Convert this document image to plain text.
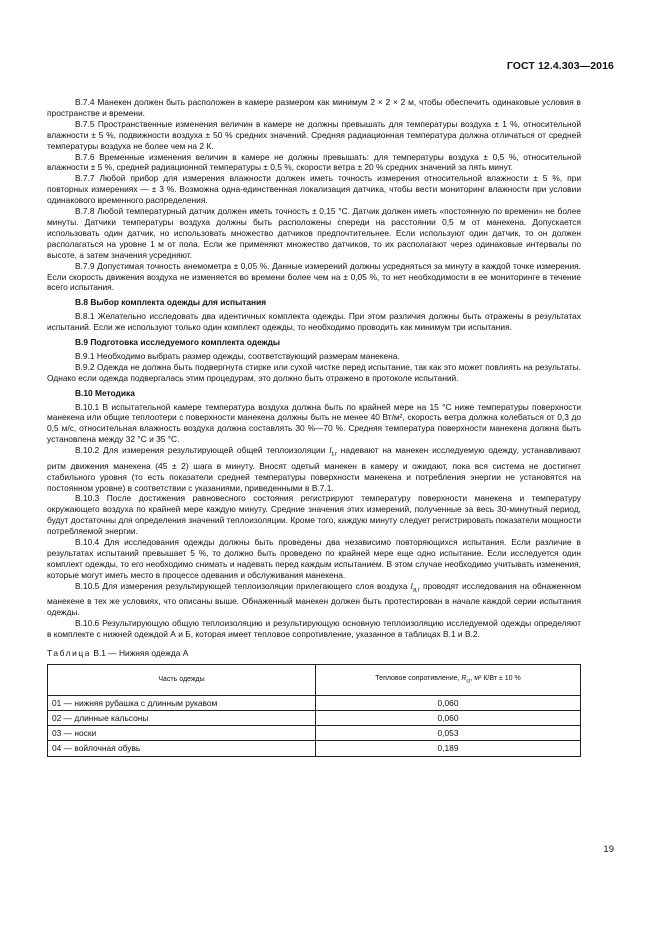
ГОСТ 12.4.303—2016

В.7.4 Манекен должен быть расположен в камере размером как минимум 2 × 2 × 2 м, чтобы обеспечить одинаковые условия в пространстве и времени.

В.7.5 Пространственные изменения величин в камере не должны превышать для температуры воздуха ± 1 %, относительной влажности ± 5 %, подвижности воздуха ± 50 % средних значений. Средняя радиационная температура должна отличаться от средней температуры воздуха не более чем на 2 К.

В.7.6 Временные изменения величин в камере не должны превышать: для температуры воздуха ± 0,5 %, относительной влажности ± 5 %, средней радиационной температуры ± 0,5 %, скорости ветра ± 20 % средних значений за пять минут.

В.7.7 Любой прибор для измерения влажности должен иметь точность измерения относительной влажности ± 5 %, при повторных измерениях — ± 3 %. Возможна одна-единственная локализация датчика, чтобы вести мониторинг влажности при условии одинакового временного распределения.

В.7.8 Любой температурный датчик должен иметь точность ± 0,15 °С. Датчик должен иметь «постоянную по времени» не более минуты. Датчики температуры воздуха должны быть расположены спереди на расстоянии 0,5 м от манекена. Допускается использовать один датчик, но использовать множество датчиков предпочтительнее. Если используют один датчик, то он должен располагаться на уровне 1 м от пола. Если же применяют множество датчиков, то их располагают через одинаковые интервалы по высоте, а затем значения усредняют.

В.7.9 Допустимая точность анемометра ± 0,05 %. Данные измерений должны усредняться за минуту в каждой точке измерения. Если скорость движения воздуха не изменяется во времени более чем на ± 0,05 %, то нет необходимости в ее мониторинге в течение всего испытания.

В.8 Выбор комплекта одежды для испытания

В.8.1 Желательно исследовать два идентичных комплекта одежды. При этом различия должны быть отражены в результатах испытаний. Если же используют только один комплект одежды, то необходимо проводить как минимум три испытания.

В.9 Подготовка исследуемого комплекта одежды

В.9.1 Необходимо выбрать размер одежды, соответствующий размерам манекена.

В.9.2 Одежда не должна быть подвергнута стирке или сухой чистке перед испытание, так как это может повлиять на результаты. Однако если одежда подвергалась этим процедурам, это должно быть отражено в протоколе испытаний.

В.10 Методика

В.10.1 В испытательной камере температура воздуха должна быть по крайней мере на 15 °С ниже температуры поверхности манекена или общие теплоотери с поверхности манекена должны быть не менее 40 Вт/м², скорость ветра должна колебаться от 0,3 до 0,5 м/с, относительная влажность воздуха должна составлять 30 %—70 %. Средняя температура поверхности манекена должна быть установлена между 32 °С и 35 °С.

В.10.2 Для измерения результирующей общей теплоизоляции $I_{t,r}$ надевают на манекен исследуемую одежду, устанавливают ритм движения манекена (45 ± 2) шага в минуту. Вносят одетый манекен в камеру и ожидают, пока вся система не достигнет стабильного уровня (то есть показатели средней температуры поверхности манекена и потребления энергии не установятся на постоянном уровне) в соответствии с указаниями, приведенными в В.7.1.

В.10.3 После достижения равновесного состояния регистрируют температуру поверхности манекена и температуру окружающего воздуха по крайней мере каждую минуту. Средние значения этих измерений, полученные за весь 30-минутный период, будут достаточны для определения значений теплоизоляции. Кроме того, каждую минуту следует регистрировать показатели мощности потребляемой энергии.

В.10.4 Для исследования одежды должны быть проведены два независимо повторяющихся испытания. Если различие в результатах испытаний превышает 5 %, то должно быть проведено по крайней мере еще одно испытание. Если исследуется один комплект одежды, то его необходимо снимать и надевать перед каждым испытанием. В этом случае необходимо учитывать изменения, которые могут иметь место в процессе одевания и обслуживания манекена.

В.10.5 Для измерения результирующей теплоизоляции прилегающего слоя воздуха $I_{a,r}$ проводят исследования на обнаженном манекене в тех же условиях, что описаны выше. Обнаженный манекен должен быть протестирован в начале каждой серии испытания одежды.

В.10.6 Результирующую общую теплоизоляцию и результирующую основную теплоизоляцию исследуемой одежды определяют в комплекте с нижней одеждой А и Б, которая имеет тепловое сопротивление, указанное в таблицах В.1 и В.2.

Таблица В.1 — Нижняя одежда А

Часть одежды	Тепловое сопротивление, $R_{ct}$, м² К/Вт ± 10 %
01 — нижняя рубашка с длинным рукавом	0,060
02 — длинные кальсоны	0,060
03 — носки	0,053
04 — войлочная обувь	0,189
19
